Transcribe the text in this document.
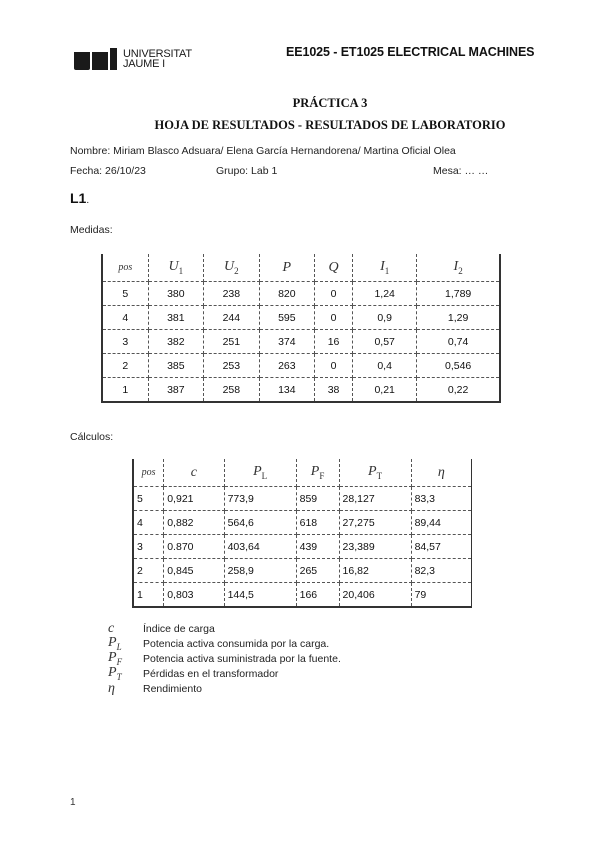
UNIVERSITAT
JAUME I
EE1025 - ET1025 ELECTRICAL MACHINES
PRÁCTICA 3
HOJA DE RESULTADOS - RESULTADOS DE LABORATORIO
Nombre: Miriam Blasco Adsuara/ Elena García Hernandorena/ Martina Oficial Olea
Fecha: 26/10/23	Grupo: Lab 1	Mesa: … …
L1.
Medidas:
pos	$U_1$	$U_2$	P	Q	$I_1$	$I_2$
5	380	238	820	0	1,24	1,789
4	381	244	595	0	0,9	1,29
3	382	251	374	16	0,57	0,74
2	385	253	263	0	0,4	0,546
1	387	258	134	38	0,21	0,22
Cálculos:
pos	c	$P_L$	$P_F$	$P_T$	η
5	0,921	773,9	859	28,127	83,3
4	0,882	564,6	618	27,275	89,44
3	0.870	403,64	439	23,389	84,57
2	0,845	258,9	265	16,82	82,3
1	0,803	144,5	166	20,406	79
c	Índice de carga
$P_L$	Potencia activa consumida por la carga.
$P_F$	Potencia activa suministrada por la fuente.
$P_T$	Pérdidas en el transformador
η	Rendimiento
1
